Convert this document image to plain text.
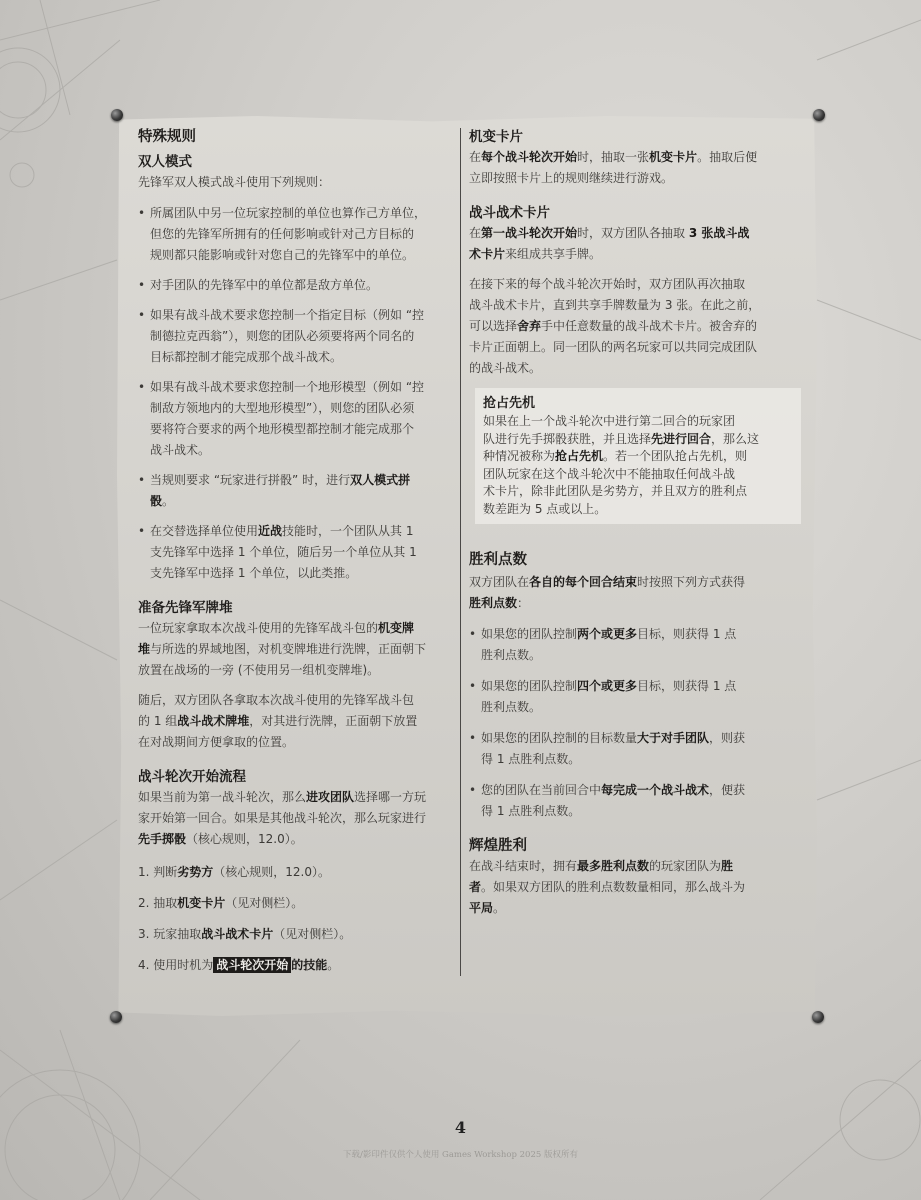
特殊规则
双人模式

先锋军双人模式战斗使用下列规则：

• 所属团队中另一位玩家控制的单位也算作己方单位，
但您的先锋军所拥有的任何影响或针对己方目标的
规则都只能影响或针对您自己的先锋军中的单位。
• 对手团队的先锋军中的单位都是敌方单位。
• 如果有战斗战术要求您控制一个指定目标（例如 “控
制德拉克西翁”），则您的团队必须要将两个同名的
目标都控制才能完成那个战斗战术。
• 如果有战斗战术要求您控制一个地形模型（例如 “控
制敌方领地内的大型地形模型”），则您的团队必须
要将符合要求的两个地形模型都控制才能完成那个
战斗战术。
• 当规则要求 “玩家进行拼骰” 时，进行双人模式拼
骰。
• 在交替选择单位使用近战技能时，一个团队从其 1
支先锋军中选择 1 个单位，随后另一个单位从其 1
支先锋军中选择 1 个单位，以此类推。
准备先锋军牌堆

一位玩家拿取本次战斗使用的先锋军战斗包的机变牌
堆与所选的界域地图，对机变牌堆进行洗牌，正面朝下
放置在战场的一旁 (不使用另一组机变牌堆)。

随后，双方团队各拿取本次战斗使用的先锋军战斗包
的 1 组战斗战术牌堆，对其进行洗牌，正面朝下放置
在对战期间方便拿取的位置。

战斗轮次开始流程

如果当前为第一战斗轮次，那么进攻团队选择哪一方玩
家开始第一回合。如果是其他战斗轮次，那么玩家进行
先手掷骰（核心规则，12.0）。

1. 判断劣势方（核心规则，12.0）。
2. 抽取机变卡片（见对侧栏）。
3. 玩家抽取战斗战术卡片（见对侧栏）。
4. 使用时机为 战斗轮次开始 的技能。
机变卡片

在每个战斗轮次开始时，抽取一张机变卡片。抽取后便
立即按照卡片上的规则继续进行游戏。

战斗战术卡片

在第一战斗轮次开始时，双方团队各抽取 3 张战斗战
术卡片来组成共享手牌。

在接下来的每个战斗轮次开始时，双方团队再次抽取
战斗战术卡片，直到共享手牌数量为 3 张。在此之前，
可以选择舍弃手中任意数量的战斗战术卡片。被舍弃的
卡片正面朝上。同一团队的两名玩家可以共同完成团队
的战斗战术。

抢占先机

如果在上一个战斗轮次中进行第二回合的玩家团
队进行先手掷骰获胜，并且选择先进行回合，那么这
种情况被称为抢占先机。若一个团队抢占先机，则
团队玩家在这个战斗轮次中不能抽取任何战斗战
术卡片，除非此团队是劣势方，并且双方的胜利点
数差距为 5 点或以上。

胜利点数

双方团队在各自的每个回合结束时按照下列方式获得
胜利点数：

• 如果您的团队控制两个或更多目标，则获得 1 点
胜利点数。
• 如果您的团队控制四个或更多目标，则获得 1 点
胜利点数。
• 如果您的团队控制的目标数量大于对手团队，则获
得 1 点胜利点数。
• 您的团队在当前回合中每完成一个战斗战术，便获
得 1 点胜利点数。
辉煌胜利

在战斗结束时，拥有最多胜利点数的玩家团队为胜
者。如果双方团队的胜利点数数量相同，那么战斗为
平局。

4
下载/影印件仅供个人使用 Games Workshop 2025 版权所有
